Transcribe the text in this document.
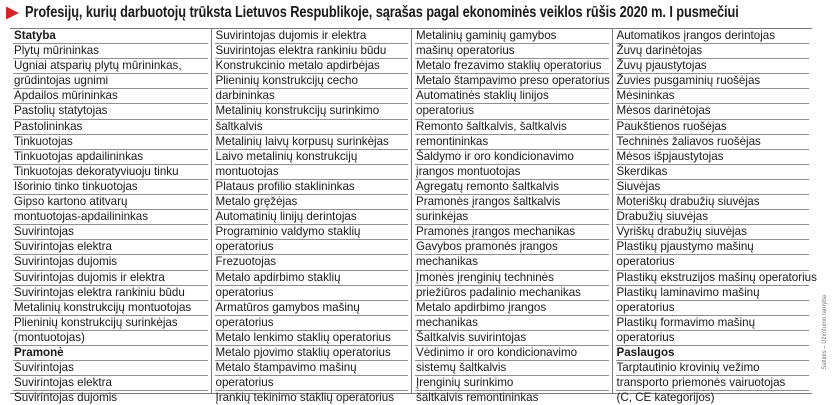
Profesijų, kurių darbuotojų trūksta Lietuvos Respublikoje, sąrašas pagal ekonominės veiklos rūšis 2020 m. I pusmečiui
Statyba
Plytų mūrininkas
Ugniai atsparių plytų mūrininkas,
grūdintojas ugnimi
Apdailos mūrininkas
Pastolių statytojas
Pastolininkas
Tinkuotojas
Tinkuotojas apdailininkas
Tinkuotojas dekoratyviuoju tinku
Išorinio tinko tinkuotojas
Gipso kartono atitvarų
montuotojas-apdailininkas
Suvirintojas
Suvirintojas elektra
Suvirintojas dujomis
Suvirintojas dujomis ir elektra
Suvirintojas elektra rankiniu būdu
Metalinių konstrukcijų montuotojas
Plieninių konstrukcijų surinkėjas
(montuotojas)
Pramonė
Suvirintojas
Suvirintojas elektra
Suvirintojas dujomis
Suvirintojas dujomis ir elektra
Suvirintojas elektra rankiniu būdu
Konstrukcinio metalo apdirbėjas
Plieninių konstrukcijų cecho
darbininkas
Metalinių konstrukcijų surinkimo
šaltkalvis
Metalinių laivų korpusų surinkėjas
Laivo metalinių konstrukcijų
montuotojas
Plataus profilio staklininkas
Metalo gręžėjas
Automatinių linijų derintojas
Programinio valdymo staklių
operatorius
Frezuotojas
Metalo apdirbimo staklių
operatorius
Armatūros gamybos mašinų
operatorius
Metalo lenkimo staklių operatorius
Metalo pjovimo staklių operatorius
Metalo štampavimo mašinų
operatorius
Įrankių tekinimo staklių operatorius
Metalinių gaminių gamybos
mašinų operatorius
Metalo frezavimo staklių operatorius
Metalo štampavimo preso operatorius
Automatinės staklių linijos
operatorius
Remonto šaltkalvis, šaltkalvis
remontininkas
Šaldymo ir oro kondicionavimo
įrangos montuotojas
Agregatų remonto šaltkalvis
Pramonės įrangos šaltkalvis
surinkėjas
Pramonės įrangos mechanikas
Gavybos pramonės įrangos
mechanikas
Įmonės įrenginių techninės
priežiūros padalinio mechanikas
Metalo apdirbimo įrangos
mechanikas
Šaltkalvis suvirintojas
Vėdinimo ir oro kondicionavimo
sistemų šaltkalvis
Įrenginių surinkimo
šaltkalvis remontininkas
Automatikos įrangos derintojas
Žuvų darinėtojas
Žuvų pjaustytojas
Žuvies pusgaminių ruošėjas
Mėsininkas
Mėsos darinėtojas
Paukštienos ruošėjas
Techninės žaliavos ruošėjas
Mėsos išpjaustytojas
Skerdikas
Siuvėjas
Moteriškų drabužių siuvėjas
Drabužių siuvėjas
Vyriškų drabužių siuvėjas
Plastikų pjaustymo mašinų
operatorius
Plastikų ekstruzijos mašinų operatorius
Plastikų laminavimo mašinų
operatorius
Plastikų formavimo mašinų
operatorius
Paslaugos
Tarptautinio krovinių vežimo
transporto priemonės vairuotojas
(C, CE kategorijos)
Šaltinis – Užimtumo tarnyba
